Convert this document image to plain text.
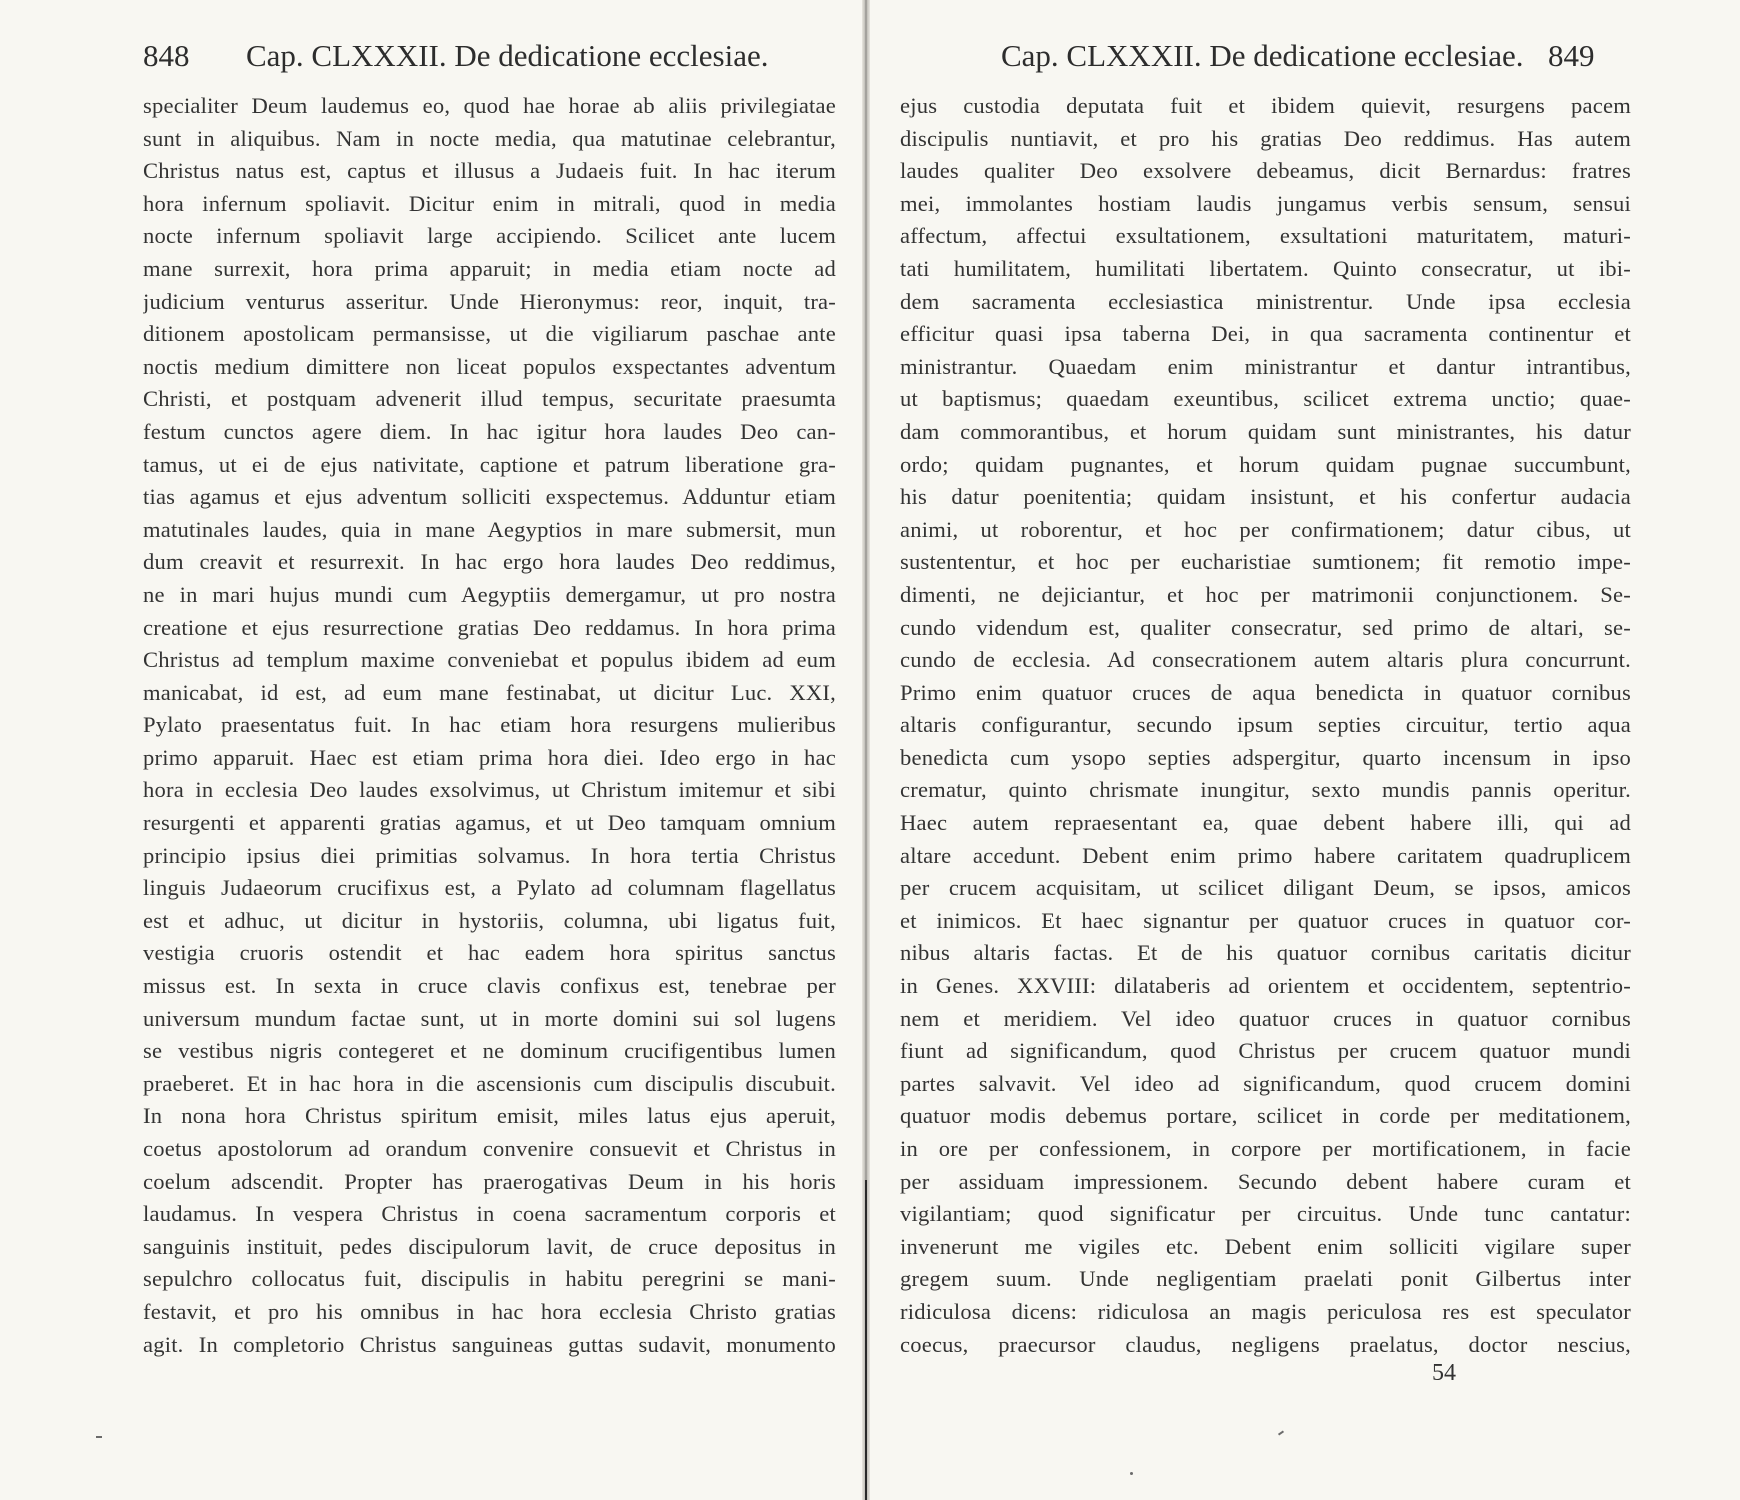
848 Cap. CLXXXII. De dedicatione ecclesiae.
specialiter Deum laudemus eo, quod hae horae ab aliis privilegiatae
sunt in aliquibus. Nam in nocte media, qua matutinae celebrantur,
Christus natus est, captus et illusus a Judaeis fuit. In hac iterum
hora infernum spoliavit. Dicitur enim in mitrali, quod in media
nocte infernum spoliavit large accipiendo. Scilicet ante lucem
mane surrexit, hora prima apparuit; in media etiam nocte ad
judicium venturus asseritur. Unde Hieronymus: reor, inquit, tra-
ditionem apostolicam permansisse, ut die vigiliarum paschae ante
noctis medium dimittere non liceat populos exspectantes adventum
Christi, et postquam advenerit illud tempus, securitate praesumta
festum cunctos agere diem. In hac igitur hora laudes Deo can-
tamus, ut ei de ejus nativitate, captione et patrum liberatione gra-
tias agamus et ejus adventum solliciti exspectemus. Adduntur etiam
matutinales laudes, quia in mane Aegyptios in mare submersit, mun
dum creavit et resurrexit. In hac ergo hora laudes Deo reddimus,
ne in mari hujus mundi cum Aegyptiis demergamur, ut pro nostra
creatione et ejus resurrectione gratias Deo reddamus. In hora prima
Christus ad templum maxime conveniebat et populus ibidem ad eum
manicabat, id est, ad eum mane festinabat, ut dicitur Luc. XXI,
Pylato praesentatus fuit. In hac etiam hora resurgens mulieribus
primo apparuit. Haec est etiam prima hora diei. Ideo ergo in hac
hora in ecclesia Deo laudes exsolvimus, ut Christum imitemur et sibi
resurgenti et apparenti gratias agamus, et ut Deo tamquam omnium
principio ipsius diei primitias solvamus. In hora tertia Christus
linguis Judaeorum crucifixus est, a Pylato ad columnam flagellatus
est et adhuc, ut dicitur in hystoriis, columna, ubi ligatus fuit,
vestigia cruoris ostendit et hac eadem hora spiritus sanctus
missus est. In sexta in cruce clavis confixus est, tenebrae per
universum mundum factae sunt, ut in morte domini sui sol lugens
se vestibus nigris contegeret et ne dominum crucifigentibus lumen
praeberet. Et in hac hora in die ascensionis cum discipulis discubuit.
In nona hora Christus spiritum emisit, miles latus ejus aperuit,
coetus apostolorum ad orandum convenire consuevit et Christus in
coelum adscendit. Propter has praerogativas Deum in his horis
laudamus. In vespera Christus in coena sacramentum corporis et
sanguinis instituit, pedes discipulorum lavit, de cruce depositus in
sepulchro collocatus fuit, discipulis in habitu peregrini se mani-
festavit, et pro his omnibus in hac hora ecclesia Christo gratias
agit. In completorio Christus sanguineas guttas sudavit, monumento
Cap. CLXXXII. De dedicatione ecclesiae. 849
ejus custodia deputata fuit et ibidem quievit, resurgens pacem
discipulis nuntiavit, et pro his gratias Deo reddimus. Has autem
laudes qualiter Deo exsolvere debeamus, dicit Bernardus: fratres
mei, immolantes hostiam laudis jungamus verbis sensum, sensui
affectum, affectui exsultationem, exsultationi maturitatem, maturi-
tati humilitatem, humilitati libertatem. Quinto consecratur, ut ibi-
dem sacramenta ecclesiastica ministrentur. Unde ipsa ecclesia
efficitur quasi ipsa taberna Dei, in qua sacramenta continentur et
ministrantur. Quaedam enim ministrantur et dantur intrantibus,
ut baptismus; quaedam exeuntibus, scilicet extrema unctio; quae-
dam commorantibus, et horum quidam sunt ministrantes, his datur
ordo; quidam pugnantes, et horum quidam pugnae succumbunt,
his datur poenitentia; quidam insistunt, et his confertur audacia
animi, ut roborentur, et hoc per confirmationem; datur cibus, ut
sustententur, et hoc per eucharistiae sumtionem; fit remotio impe-
dimenti, ne dejiciantur, et hoc per matrimonii conjunctionem. Se-
cundo videndum est, qualiter consecratur, sed primo de altari, se-
cundo de ecclesia. Ad consecrationem autem altaris plura concurrunt.
Primo enim quatuor cruces de aqua benedicta in quatuor cornibus
altaris configurantur, secundo ipsum septies circuitur, tertio aqua
benedicta cum ysopo septies adspergitur, quarto incensum in ipso
crematur, quinto chrismate inungitur, sexto mundis pannis operitur.
Haec autem repraesentant ea, quae debent habere illi, qui ad
altare accedunt. Debent enim primo habere caritatem quadruplicem
per crucem acquisitam, ut scilicet diligant Deum, se ipsos, amicos
et inimicos. Et haec signantur per quatuor cruces in quatuor cor-
nibus altaris factas. Et de his quatuor cornibus caritatis dicitur
in Genes. XXVIII: dilataberis ad orientem et occidentem, septentrio-
nem et meridiem. Vel ideo quatuor cruces in quatuor cornibus
fiunt ad significandum, quod Christus per crucem quatuor mundi
partes salvavit. Vel ideo ad significandum, quod crucem domini
quatuor modis debemus portare, scilicet in corde per meditationem,
in ore per confessionem, in corpore per mortificationem, in facie
per assiduam impressionem. Secundo debent habere curam et
vigilantiam; quod significatur per circuitus. Unde tunc cantatur:
invenerunt me vigiles etc. Debent enim solliciti vigilare super
gregem suum. Unde negligentiam praelati ponit Gilbertus inter
ridiculosa dicens: ridiculosa an magis periculosa res est speculator
coecus, praecursor claudus, negligens praelatus, doctor nescius,
54
